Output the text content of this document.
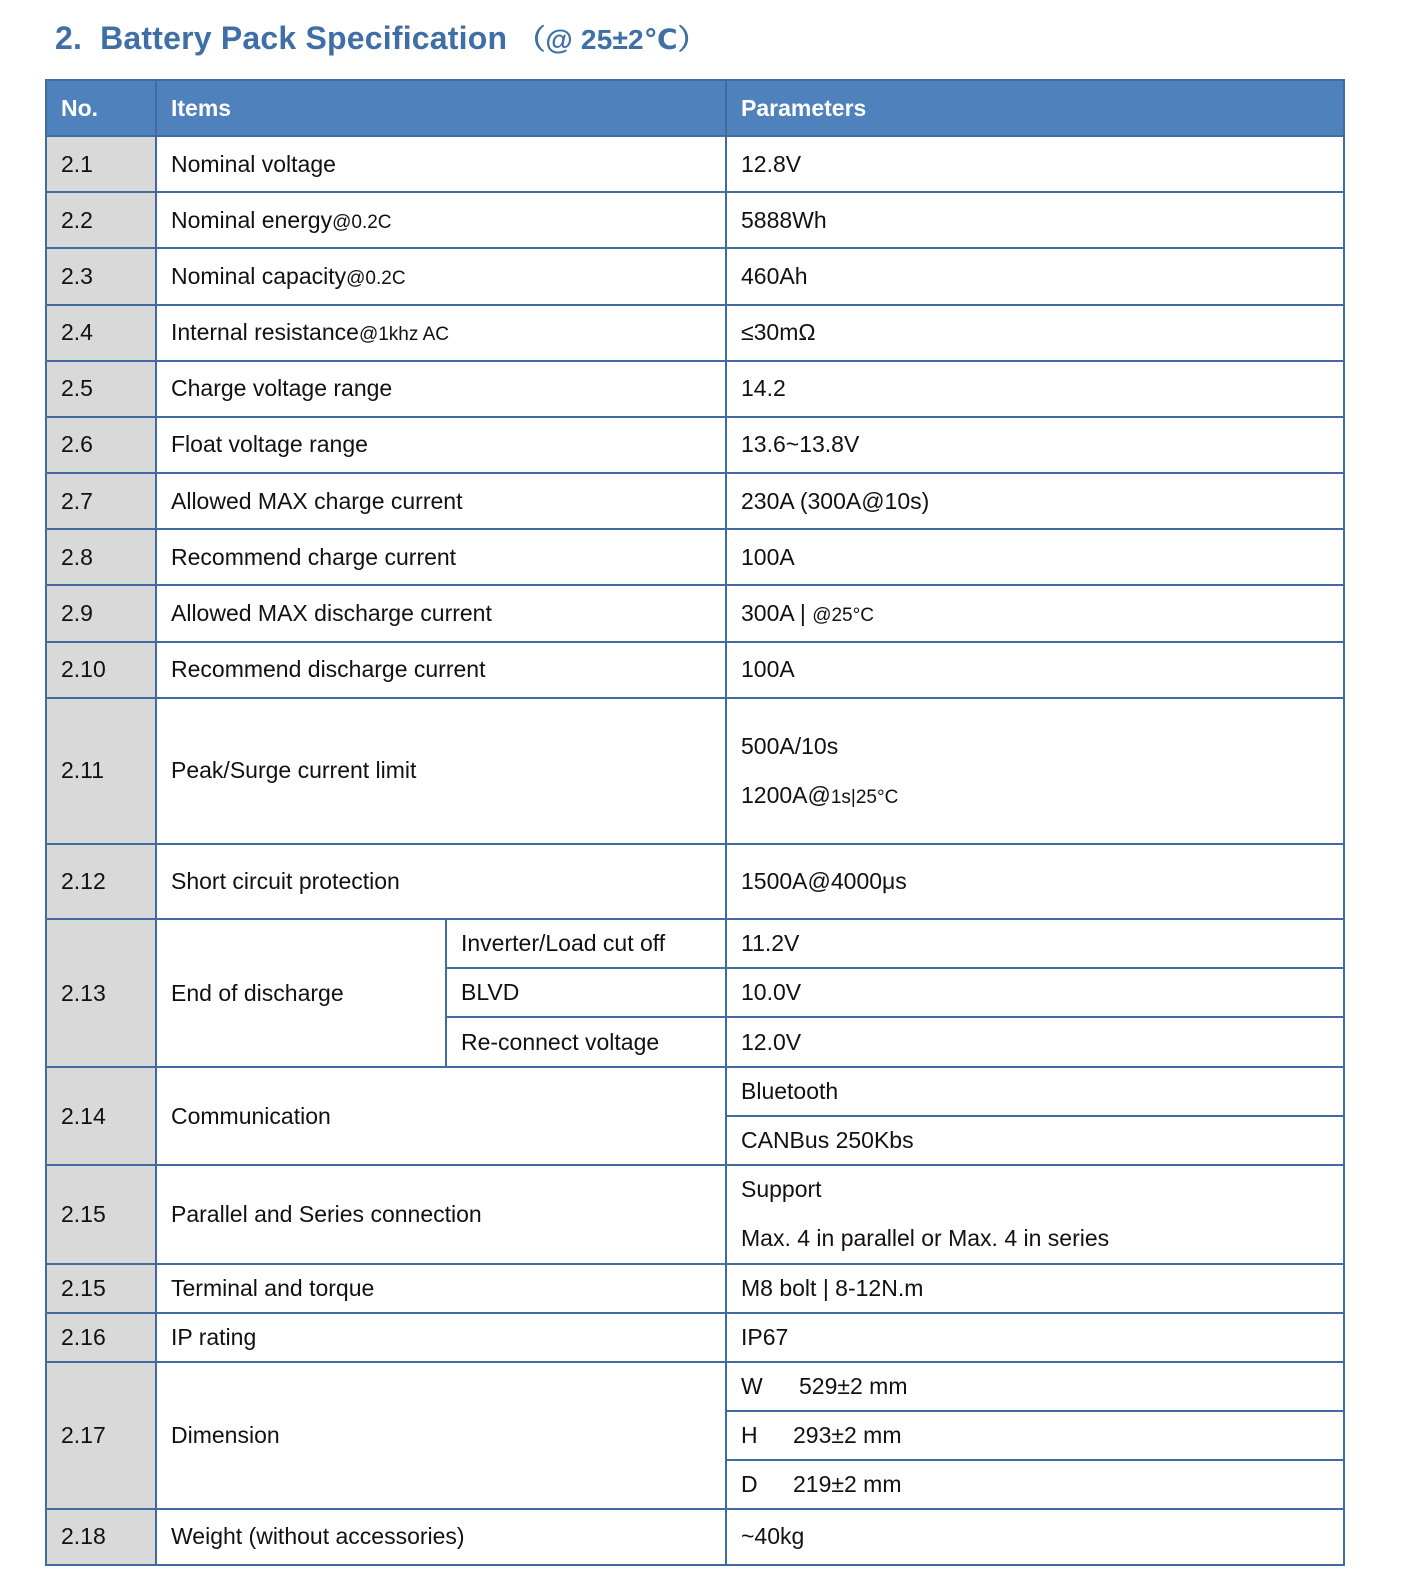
2. Battery Pack Specification （@ 25±2℃）
No.	Items		Parameters
2.1	Nominal voltage		12.8V
2.2	Nominal energy@0.2C		5888Wh
2.3	Nominal capacity@0.2C		460Ah
2.4	Internal resistance@1khz AC		≤30mΩ
2.5	Charge voltage range		14.2
2.6	Float voltage range		13.6~13.8V
2.7	Allowed MAX charge current		230A (300A@10s)
2.8	Recommend charge current		100A
2.9	Allowed MAX discharge current		300A | @25°C
2.10	Recommend discharge current		100A
2.11	Peak/Surge current limit		500A/10s
1200A@1s|25°C

2.12	Short circuit protection		1500A@4000μs
2.13	End of discharge	Inverter/Load cut off	11.2V
		BLVD	10.0V
		Re-connect voltage	12.0V
2.14	Communication		Bluetooth
			CANBus 250Kbs
2.15	Parallel and Series connection		Support
Max. 4 in parallel or Max. 4 in series

2.15	Terminal and torque		M8 bolt | 8-12N.m
2.16	IP rating		IP67
2.17	Dimension		W 529±2 mm
			H 293±2 mm
			D 219±2 mm
2.18	Weight (without accessories)		~40kg
